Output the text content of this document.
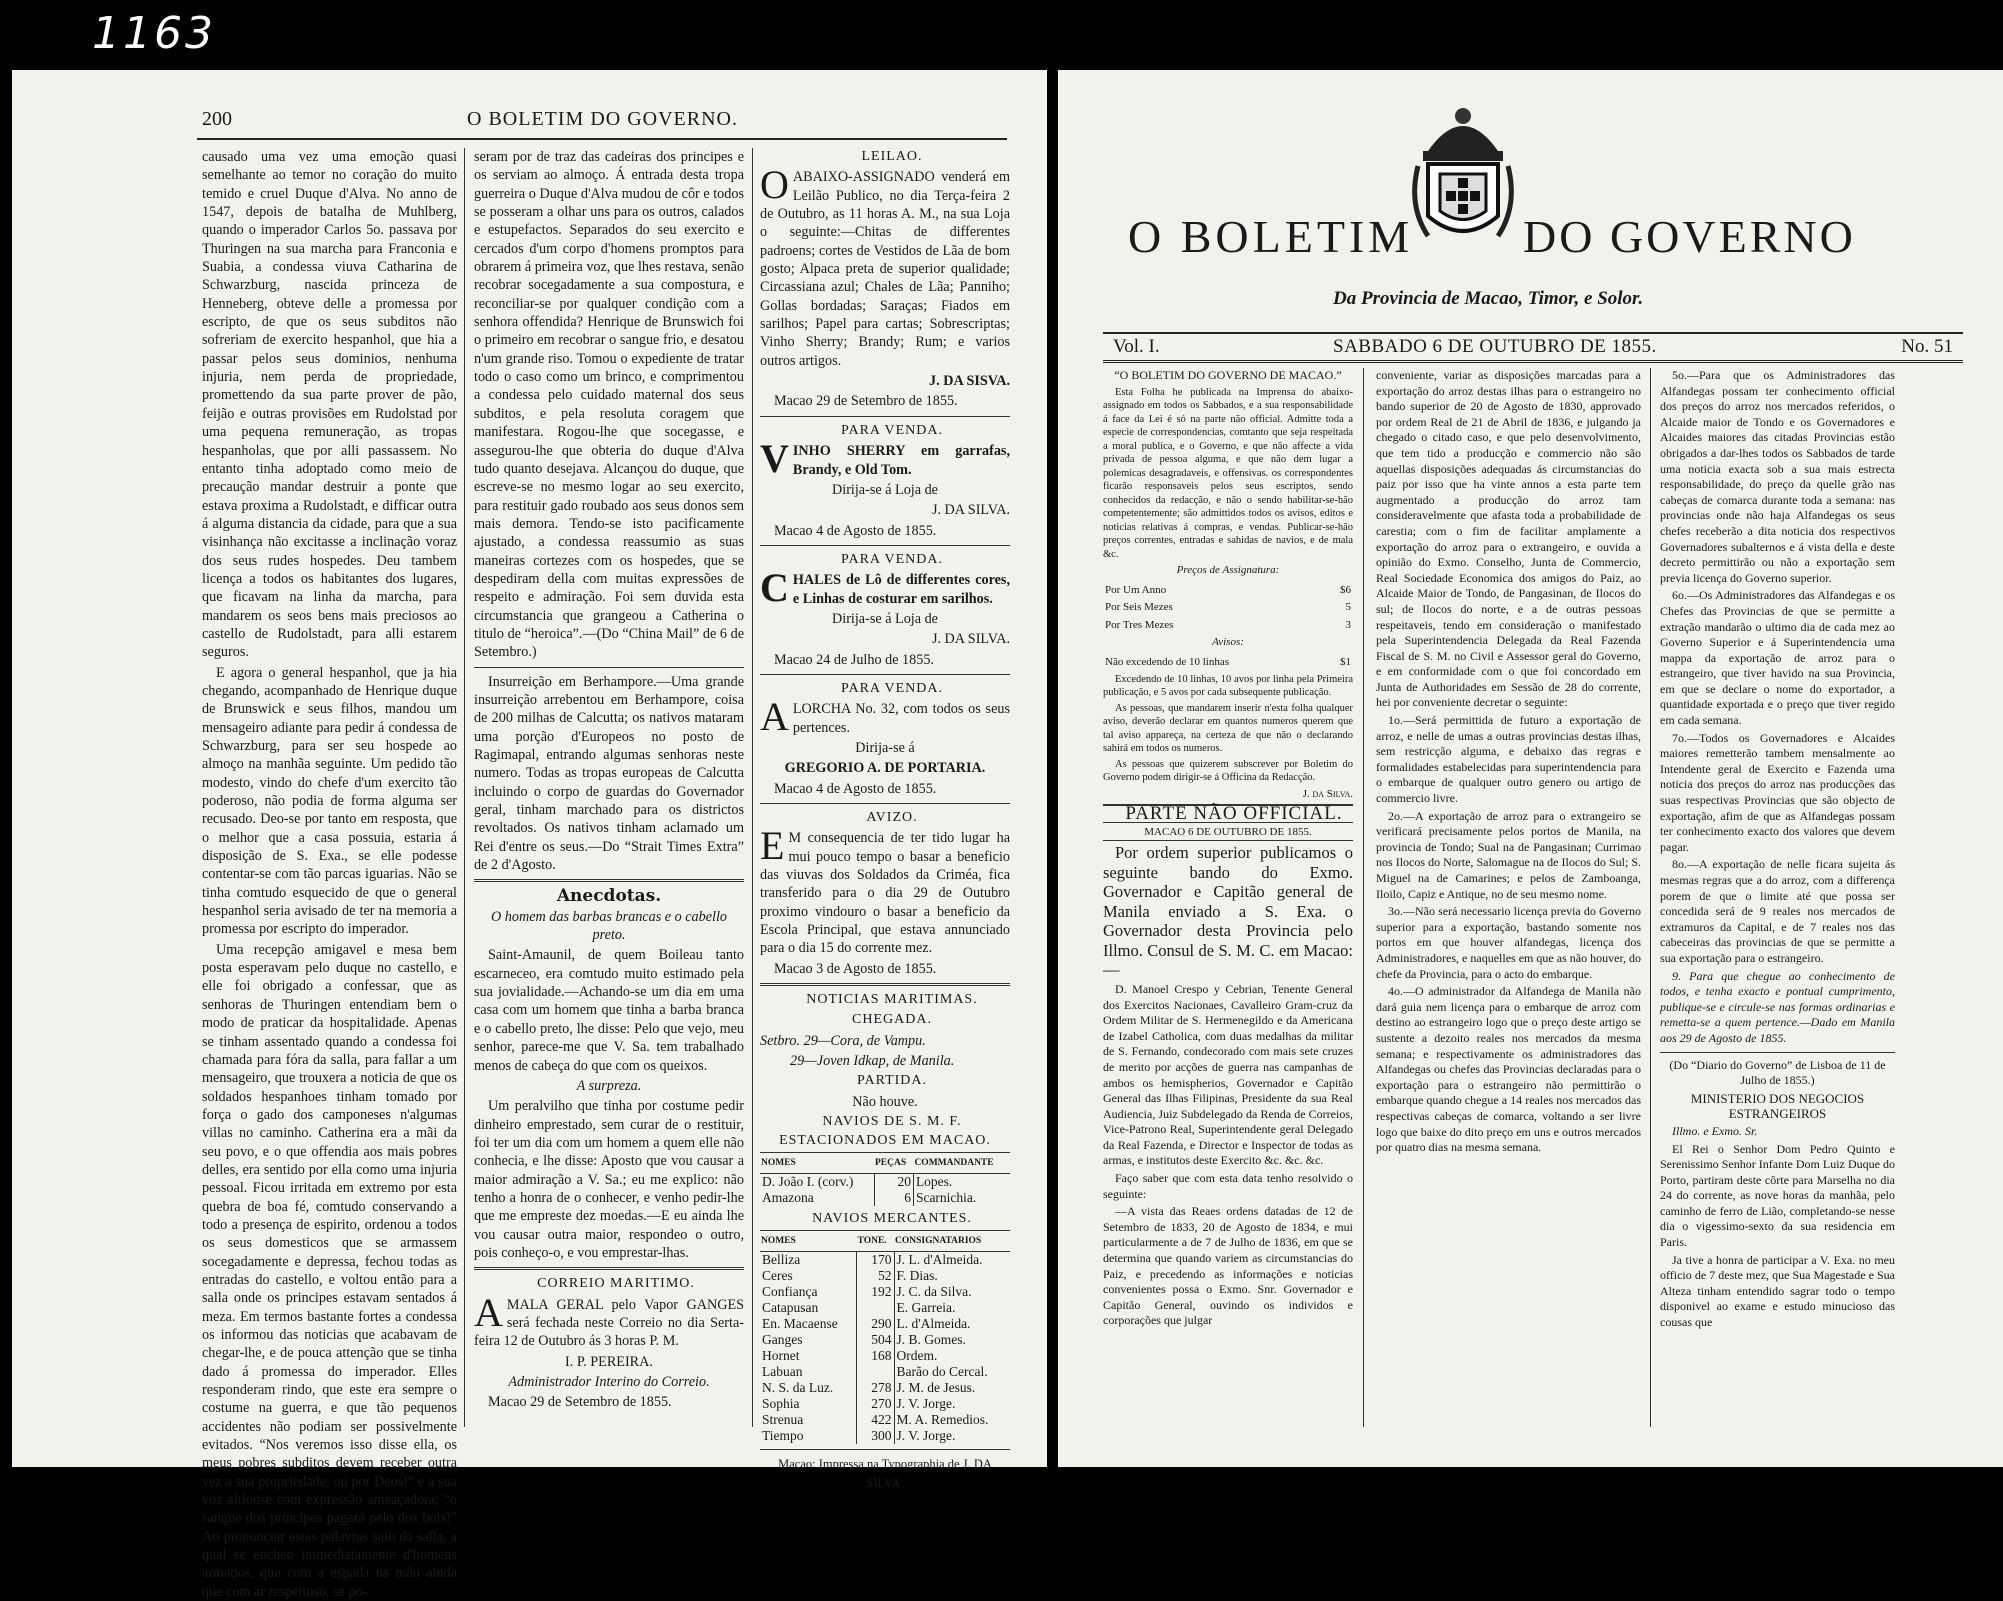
1163
200	O BOLETIM DO GOVERNO.

causado uma vez uma emoção quasi semelhante ao temor no coração do muito temido e cruel Duque d'Alva. No anno de 1547, depois de batalha de Muhlberg, quando o imperador Carlos 5o. passava por Thuringen na sua marcha para Franconia e Suabia, a condessa viuva Catharina de Schwarzburg, nascida princeza de Henneberg, obteve delle a promessa por escripto, de que os seus subditos não sofreriam de exercito hespanhol, que hia a passar pelos seus dominios, nenhuma injuria, nem perda de propriedade, promettendo da sua parte prover de pão, feijão e outras provisões em Rudolstad por uma pequena remuneração, as tropas hespanholas, que por alli passassem. No entanto tinha adoptado como meio de precaução mandar destruir a ponte que estava proxima a Rudolstadt, e difficar outra á alguma distancia da cidade, para que a sua visinhança não excitasse a inclinação vorаz dos seus rudes hospedes. Deu tambem licença a todos os habitantes dos lugares, que ficavam na linha da marcha, para mandarem os seos bens mais preciosos ao castello de Rudolstadt, para alli estarem seguros.

E agora o general hespanhol, que ja hia chegando, acompanhado de Henrique duque de Brunswick e seus filhos, mandou um mensageiro adiante para pedir á condessa de Schwarzburg, para ser seu hospede ao almoço na manhãa seguinte. Um pedido tão modesto, vindo do chefe d'um exercito tão poderoso, não podia de forma alguma ser recusado. Deo-se por tanto em resposta, que o melhor que a casa possuia, estaria á disposição de S. Exa., se elle podesse contentar-se com tão parcas iguarias. Não se tinha comtudo esquecido de que o general hespanhol seria avisado de ter na memoria a promessa por escripto do imperador.

Uma recepção amigavel e mesa bem posta esperavam pelo duque no castello, e elle foi obrigado a confessar, que as senhoras de Thuringen entendiam bem o modo de praticar da hospitalidade. Apenas se tinham assentado quando a condessa foi chamada para fóra da salla, para fallar a um mensageiro, que trouxera a noticia de que os soldados hespanhoes tinham tomado por força o gado dos camponeses n'algumas villas no caminho. Catherina era a mãi da seu povo, e o que offendia aos mais pobres delles, era sentido por ella como uma injuria pessoal. Ficou irritada em extremo por esta quebra de boa fé, comtudo conservando a todo a presença de espirito, ordenou a todos os seus domesticos que se armassem socegadamente e depressa, fechou todas as entradas do castello, e voltou então para a salla onde os principes estavam sentados á meza. Em termos bastante fortes a condessa os informou das noticias que acabavam de chegar-lhe, e de pouca attenção que se tinha dado á promessa do imperador. Elles responderam rindo, que este era sempre o costume na guerra, e que tão pequenos accidentes não podiam ser possivelmente evitados. “Nos veremos isso disse ella, os meus pobres subditos devem receber outra vez a sua propriedade, ou por Deos!” e a sua voz altiouse com expressão ameaçadora, “o sangue dos principes pagará pelo dos bois!” Ao pronunciar estas palavras saio da salla, a qual se encheo immediatamente d'homens armados, que com a espada na mão ainda que com ar respeitoso, se po-

seram por de traz das cadeiras dos principes e os serviam ao almoço. Á entrada desta tropa guerreira o Duque d'Alva mudou de côr e todos se posseram a olhar uns para os outros, calados e estupefactos. Separados do seu exercito e cercados d'um corpo d'homens promptos para obrarem á primeira voz, que lhes restava, senão recobrar socegadamente a sua compostura, e reconciliar-se por qualquer condição com a senhora offendida? Henrique de Brunswich foi o primeiro em recobrar o sangue frio, e desatou n'um grande riso. Tomou o expediente de tratar todo o caso como um brinco, e comprimentou a condessa pelo cuidado maternal dos seus subditos, e pela resoluta coragem que manifestara. Rogou-lhe que socegasse, e assegurou-lhe que obteria do duque d'Alva tudo quanto desejava. Alcançou do duque, que escreve-se no mesmo logar ao seu exercito, para restituir gado roubado aos seus donos sem mais demora. Tendo-se isto pacificamente ajustado, a condessa reassumio as suas maneiras cortezes com os hospedes, que se despediram della com muitas expressões de respeito e admiração. Foi sem duvida esta circumstancia que grangeou a Catherina o titulo de “heroica”.—(Do “China Mail” de 6 de Setembro.)

Insurreição em Berhampore.—Uma grande insurreição arrebentou em Berhampore, coisa de 200 milhas de Calcutta; os nativos mataram uma porção d'Europeos no posto de Ragimapal, entrando algumas senhoras neste numero. Todas as tropas europeas de Calcutta incluindo o corpo de guardas do Governador geral, tinham marchado para os districtos revoltados. Os nativos tinham aclamado um Rei d'entre os seus.—Do “Strait Times Extra” de 2 d'Agosto.

Anecdotas.

O homem das barbas brancas e o cabello preto.

Saint-Amaunil, de quem Boileau tanto escarneceo, era comtudo muito estimado pela sua jovialidade.—Achando-se um dia em uma casa com um homem que tinha a barba branca e o cabello preto, lhe disse: Pelo que vejo, meu senhor, parece-me que V. Sa. tem trabalhado menos de cabeça do que com os queixos.

A surpreza.

Um peralvilho que tinha por costume pedir dinheiro emprestado, sem curar de o restituir, foi ter um dia com um homem a quem elle não conhecia, e lhe disse: Aposto que vou causar a maior admiração a V. Sa.; eu me explico: não tenho a honra de o conhecer, e venho pedir-lhe que me empreste dez moedas.—E eu ainda lhe vou causar outra maior, respondeo o outro, pois conheço-o, e vou emprestar-lhas.

CORREIO MARITIMO.

AMALA GERAL pelo Vapor GANGES será fechada neste Correio no dia Serta-feira 12 de Outubro ás 3 horas P. M.

I. P. PEREIRA.

Administrador Interino do Correio.

Macao 29 de Setembro de 1855.

LEILAO.

OABAIXO-ASSIGNADO venderá em Leilão Publico, no dia Terça-feira 2 de Outubro, as 11 horas A. M., na sua Loja o seguinte:—Chitas de differentes padroens; cortes de Vestidos de Lãa de bom gosto; Alpaca preta de superior qualidade; Circassiana azul; Chales de Lãa; Panniho; Gollas bordadas; Saraças; Fiados em sarilhos; Papel para cartas; Sobrescriptas; Vinho Sherry; Brandy; Rum; e varios outros artigos.

J. DA SISVA.

Macao 29 de Setembro de 1855.

PARA VENDA.

VINHO SHERRY em garrafas, Brandy, e Old Tom.

Dirija-se á Loja de

J. DA SILVA.

Macao 4 de Agosto de 1855.

PARA VENDA.

CHALES de Lô de differentes cores, e Linhas de costurar em sarilhos.

Dirija-se á Loja de

J. DA SILVA.

Macao 24 de Julho de 1855.

PARA VENDA.

ALORCHA No. 32, com todos os seus pertences.

Dirija-se á

GREGORIO A. DE PORTARIA.

Macao 4 de Agosto de 1855.

AVIZO.

E M consequencia de ter tido lugar ha mui pouco tempo o basar a beneficio das viuvas dos Soldados da Criméa, fica transferido para o dia 29 de Outubro proximo vindouro o basar a beneficio da Escola Principal, que estava annunciado para o dia 15 do corrente mez.

Macao 3 de Agosto de 1855.

NOTICIAS MARITIMAS.

CHEGADA.

Setbro. 29—Cora, de Vampu.

29—Joven Idkap, de Manila.

PARTIDA.

Não houve.

NAVIOS DE S. M. F. ESTACIONADOS EM MACAO.

NOMES	PEÇAS	COMMANDANTE
D. João I. (corv.)	20	Lopes.
Amazona	6	Scarnichia.

NAVIOS MERCANTES.

NOMES	TONE.	CONSIGNATARIOS
Belliza	170	J. L. d'Almeida.
Ceres	52	F. Dias.
Confiança	192	J. C. da Silva.
Catapusan		E. Garreiа.
En. Macaense	290	L. d'Almeida.
Ganges	504	J. B. Gomes.
Hornet	168	Ordem.
Labuan		Barão do Cercal.
N. S. da Luz.	278	J. M. de Jesus.
Sophia	270	J. V. Jorge.
Strenua	422	M. A. Remedios.
Tiempo	300	J. V. Jorge.

Macao: Impressa na Typographia de J. DA SILVA.

O BOLETIM DO GOVERNO
Da Provincia de Macao, Timor, e Solor.
Vol. I.	SABBADO 6 DE OUTUBRO DE 1855.	No. 51

“O BOLETIM DO GOVERNO DE MACAO.”

Esta Folha he publicada na Imprensa do abaixo-assignado em todos os Sabbados, e a sua responsabilidade á face da Lei é só na parte não official. Admitte toda a especie de correspondencias, comtanto que seja respeitada a moral publica, e o Governo, e que não affecte a vida privada de pessoa alguma, e que não dem lugar a polemicas desagradaveis, e offensivas. os correspondentes ficarão responsaveis pelos seus escriptos, sendo conhecidos da redacção, e não o sendo habilitar-se-hão competentemente; são admittidos todos os avisos, editos e noticias relativas á compras, e vendas. Publicar-se-hão preços correntes, entradas e sahidas de navios, e de mala &c.

Preços de Assignatura:

Por Um Anno	$6
Por Seis Mezes	5
Por Tres Mezes	3

Avisos:

Não excedendo de 10 linhas	$1

Excedendo de 10 linhas, 10 avos por linha pela Primeira publicação, e 5 avos por cada subsequente publicação.

As pessoas, que mandarem inserir n'esta folha qualquer aviso, deverão declarar em quantos numeros querem que tal aviso appareça, na certeza de que não o declarando sahirá em todos os numeros.

As pessoas que quizerem subscrever por Boletim do Governo podem dirigir-se á Officina da Redacção.

J. da Silva.

PARTE NÃO OFFICIAL.

MACAO 6 DE OUTUBRO DE 1855.

Por ordem superior publicamos o seguinte bando do Exmo. Governador e Capitão general de Manila enviado a S. Exa. o Governador desta Provincia pelo Illmo. Consul de S. M. C. em Macao:—

D. Manoel Crespo y Cebrian, Tenente General dos Exercitos Nacionaes, Cavalleiro Gram-cruz da Ordem Militar de S. Hermenegildo e da Americana de Izabel Catholica, com duas medalhas da militar de S. Fernando, condecorado com mais sete cruzes de merito por acções de guerra nas campanhas de ambos os hemispherios, Governador e Capitão General das Ilhas Filipinas, Presidente da sua Real Audiencia, Juiz Subdelegado da Renda de Correios, Vice-Patrono Real, Superintendente geral Delegado da Real Fazenda, e Director e Inspector de todas as armas, e institutos deste Exercito &c. &c. &c.

Faço saber que com esta data tenho resolvido o seguinte:

—A vista das Reaes ordens datadas de 12 de Setembro de 1833, 20 de Agosto de 1834, e mui particularmente a de 7 de Julho de 1836, em que se determina que quando variem as circumstancias do Paiz, e precedendo as informações e noticias convenientes possa o Exmo. Snr. Governador e Capitão General, ouvindo os individos e corporações que julgar

conveniente, variar as disposições marcadas para a exportação do arroz destas ilhas para o estrangeiro no bando superior de 20 de Agosto de 1830, approvado por ordem Real de 21 de Abril de 1836, e julgando ja chegado o citado caso, e que pelo desenvolvimento, que tem tido a producção e commercio não são aquellas disposições adequadas ás circumstancias do paiz por isso que ha vinte annos a esta parte tem augmentado a producção do arroz tam consideravelmente que afasta toda a probabilidade de carestia; com o fim de facilitar amplamente a exportação do arroz para o extrangeiro, e ouvida a opinião do Exmo. Conselho, Junta de Commercio, Real Sociedade Economica dos amigos do Paiz, ao Alcaide Maior de Tondo, de Pangasinan, de Ilocos do sul; de Ilocos do norte, e a de outras pessoas respeitaveis, tendo em consideração o manifestado pela Superintendencia Delegada da Real Fazenda Fiscal de S. M. no Civil e Assessor geral do Governo, e em conformidade com o que foi concordado em Junta de Authoridades em Sessão de 28 do corrente, hei por conveniente decretar o seguinte:

1o.—Será permittida de futuro a exportação de arroz, e nelle de umas a outras provincias destas ilhas, sem restricção alguma, e debaixo das regras e formalidades estabelecidas para superintendencia para o embarque de qualquer outro genero ou artigo de commercio livre.

2o.—A exportação de arroz para o extrangeiro se verificará precisamente pelos portos de Manila, na provincia de Tondo; Sual na de Pangasinan; Currimao nos Ilocos do Norte, Salomague na de Ilocos do Sul; S. Miguel na de Camarines; e pelos de Zamboanga, Iloilo, Capiz e Antique, no de seu mesmo nome.

3o.—Não será necessario licença previa do Governo superior para a exportação, bastando somente nos portos em que houver alfandegas, licença dos Administradores, e naquelles em que as não houver, do chefe da Provincia, para o acto do embarque.

4o.—O administrador da Alfandega de Manila não dará guia nem licença para o embarque de arroz com destino ao estrangeiro logo que o preço deste artigo se sustente a dezoito reales nos mercados da mesma semana; e respectivamente os administradores das Alfandegas ou chefes das Provincias declaradas para o exportação para o estrangeiro não permittirão o embarque quando chegue a 14 reales nos mercados das respectivas cabeças de comarca, voltando a ser livre logo que baixe do dito preço em uns e outros mercados por quatro dias na mesma semana.

5o.—Para que os Administradores das Alfandegas possam ter conhecimento official dos preços do arroz nos mercados referidos, o Alcaide maior de Tondo e os Governadores e Alcaides maiores das citadas Provincias estão obrigados a dar-lhes todos os Sabbados de tarde uma noticia exacta sob a sua mais estrecta responsabilidade, do preço da quelle grão nas cabeças de comarca durante toda a semana: nas provincias onde não haja Alfandegas os seus chefes receberão a dita noticia dos respectivos Governadores subalternos e á vista della e deste decreto permittirão ou não a exportação sem previa licença do Governo superior.

6o.—Os Administradores das Alfandegas e os Chefes das Provincias de que se permitte a extração mandarão o ultimo dia de cada mez ao Governo Superior e á Superintendencia uma mappa da exportação de arroz para o estrangeiro, que tiver havido na sua Provincia, em que se declare o nome do exportador, a quantidade exportada e o preço que tiver regido em cada semana.

7o.—Todos os Governadores e Alcaides maiores remetterão tambem mensalmente ao Intendente geral de Exercito e Fazenda uma noticia dos preços do arroz nas producções das suas respectivas Provincias que são objecto de exportação, afim de que as Alfandegas possam ter conhecimento exacto dos valores que devem pagar.

8o.—A exportação de nelle ficara sujeita ás mesmas regras que a do arroz, com a differença porem de que o limite até que possa ser concedida será de 9 reales nos mercados de extramuros da Capital, e de 7 reales nos das cabeceiras das provincias de que se permitte a sua exportação para o estrangeiro.

9. Para que chegue ao conhecimento de todos, e tenha exacto e pontual cumprimento, publique-se e circule-se nas formas ordinarias e remetta-se a quem pertence.—Dado em Manila aos 29 de Agosto de 1855.

(Do “Diario do Governo” de Lisboa de 11 de Julho de 1855.)

MINISTERIO DOS NEGOCIOS ESTRANGEIROS

Illmo. e Exmo. Sr.

El Rei o Senhor Dom Pedro Quinto e Serenissimo Senhor Infante Dom Luiz Duque do Porto, partiram deste côrte para Marselha no dia 24 do corrente, as nove horas da manhãa, pelo caminho de ferro de Lião, completando-se nesse dia o vigessimo-sexto da sua residencia em Paris.

Ja tive a honra de participar a V. Exa. no meu officio de 7 deste mez, que Sua Magestade e Sua Alteza tinham entendido sagrar todo o tempo disponivel ao exame e estudo minucioso das cousas que
